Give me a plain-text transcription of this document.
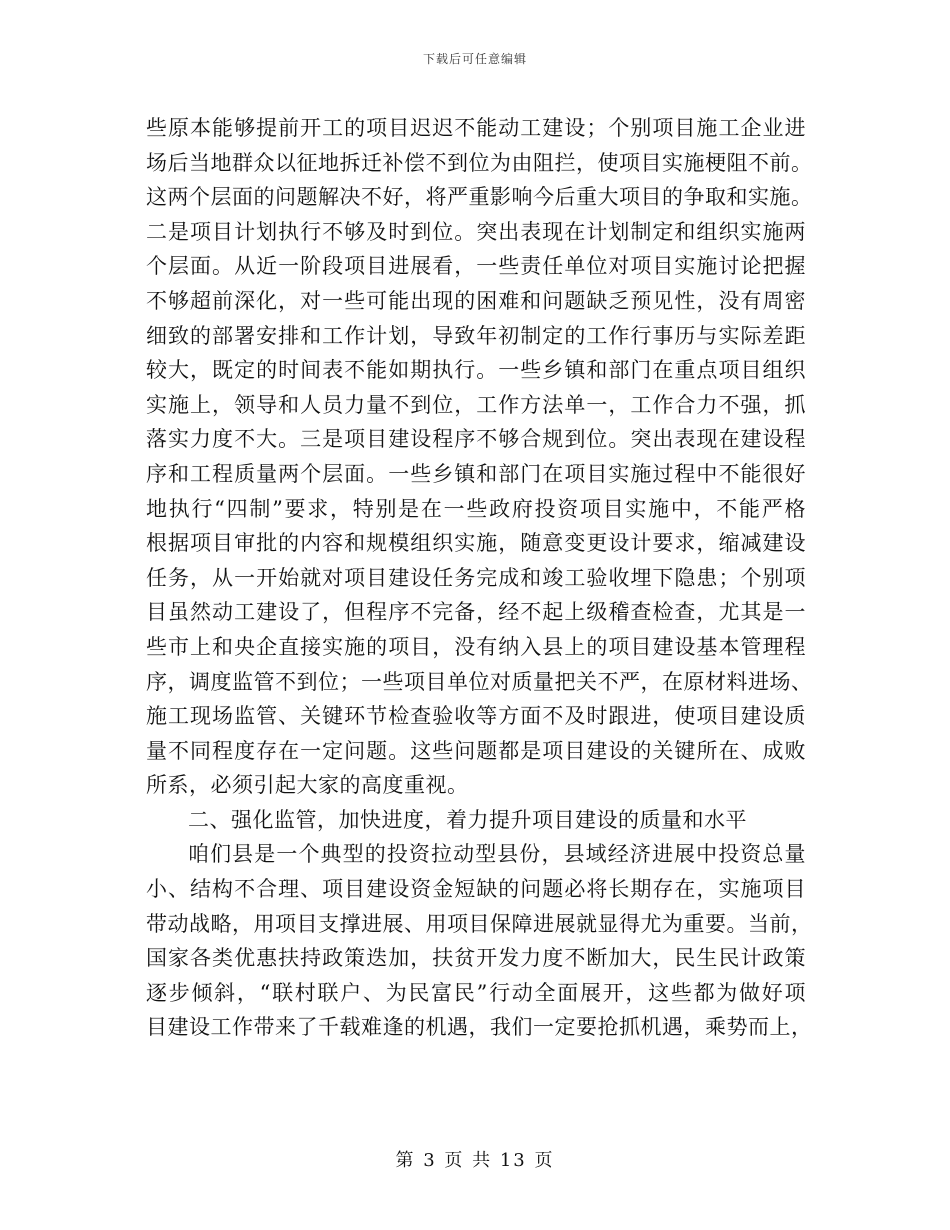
下载后可任意编辑
些原本能够提前开工的项目迟迟不能动工建设；个别项目施工企业进
场后当地群众以征地拆迁补偿不到位为由阻拦，使项目实施梗阻不前。
这两个层面的问题解决不好，将严重影响今后重大项目的争取和实施。
二是项目计划执行不够及时到位。突出表现在计划制定和组织实施两
个层面。从近一阶段项目进展看，一些责任单位对项目实施讨论把握
不够超前深化，对一些可能出现的困难和问题缺乏预见性，没有周密
细致的部署安排和工作计划，导致年初制定的工作行事历与实际差距
较大，既定的时间表不能如期执行。一些乡镇和部门在重点项目组织
实施上，领导和人员力量不到位，工作方法单一，工作合力不强，抓
落实力度不大。三是项目建设程序不够合规到位。突出表现在建设程
序和工程质量两个层面。一些乡镇和部门在项目实施过程中不能很好
地执行“四制”要求，特别是在一些政府投资项目实施中，不能严格
根据项目审批的内容和规模组织实施，随意变更设计要求，缩减建设
任务，从一开始就对项目建设任务完成和竣工验收埋下隐患；个别项
目虽然动工建设了，但程序不完备，经不起上级稽查检查，尤其是一
些市上和央企直接实施的项目，没有纳入县上的项目建设基本管理程
序，调度监管不到位；一些项目单位对质量把关不严，在原材料进场、
施工现场监管、关键环节检查验收等方面不及时跟进，使项目建设质
量不同程度存在一定问题。这些问题都是项目建设的关键所在、成败
所系，必须引起大家的高度重视。
二、强化监管，加快进度，着力提升项目建设的质量和水平
咱们县是一个典型的投资拉动型县份，县域经济进展中投资总量
小、结构不合理、项目建设资金短缺的问题必将长期存在，实施项目
带动战略，用项目支撑进展、用项目保障进展就显得尤为重要。当前，
国家各类优惠扶持政策迭加，扶贫开发力度不断加大，民生民计政策
逐步倾斜，“联村联户、为民富民”行动全面展开，这些都为做好项
目建设工作带来了千载难逢的机遇，我们一定要抢抓机遇，乘势而上，
第 3 页 共 13 页
